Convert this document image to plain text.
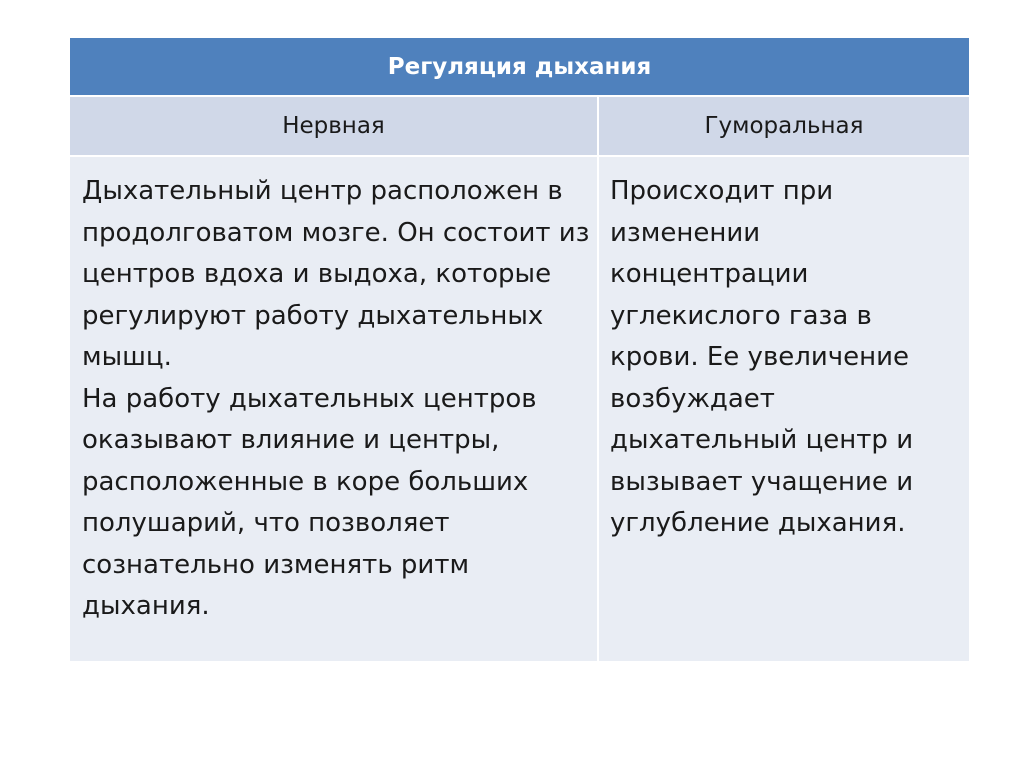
Регуляция дыхания
Нервная	Гуморальная

Дыхательный центр расположен в продолговатом мозге. Он состоит из центров вдоха и выдоха, которые регулируют работу дыхательных мышц.

На работу дыхательных центров оказывают влияние и центры, расположенные в коре больших полушарий, что позволяет сознательно изменять ритм дыхания.

Происходит при изменении концентрации углекислого газа в крови. Ее увеличение возбуждает дыхательный центр и вызывает учащение и углубление дыхания.
